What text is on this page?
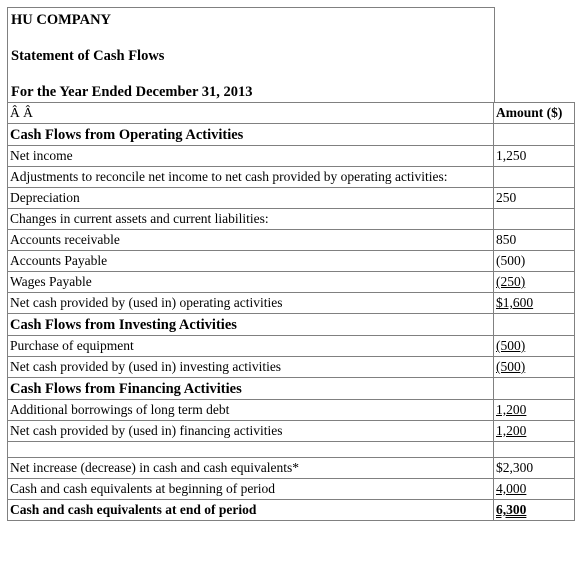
HU COMPANY
Statement of Cash Flows
For the Year Ended December 31, 2013
Â Â	Amount ($)
Cash Flows from Operating Activities	
Net income	1,250
Adjustments to reconcile net income to net cash provided by operating activities:	
Depreciation	250
Changes in current assets and current liabilities:	
Accounts receivable	850
Accounts Payable	(500)
Wages Payable	(250)
Net cash provided by (used in) operating activities	$1,600
Cash Flows from Investing Activities	
Purchase of equipment	(500)
Net cash provided by (used in) investing activities	(500)
Cash Flows from Financing Activities	
Additional borrowings of long term debt	1,200
Net cash provided by (used in) financing activities	1,200

Net increase (decrease) in cash and cash equivalents*	$2,300
Cash and cash equivalents at beginning of period	4,000
Cash and cash equivalents at end of period	6,300
